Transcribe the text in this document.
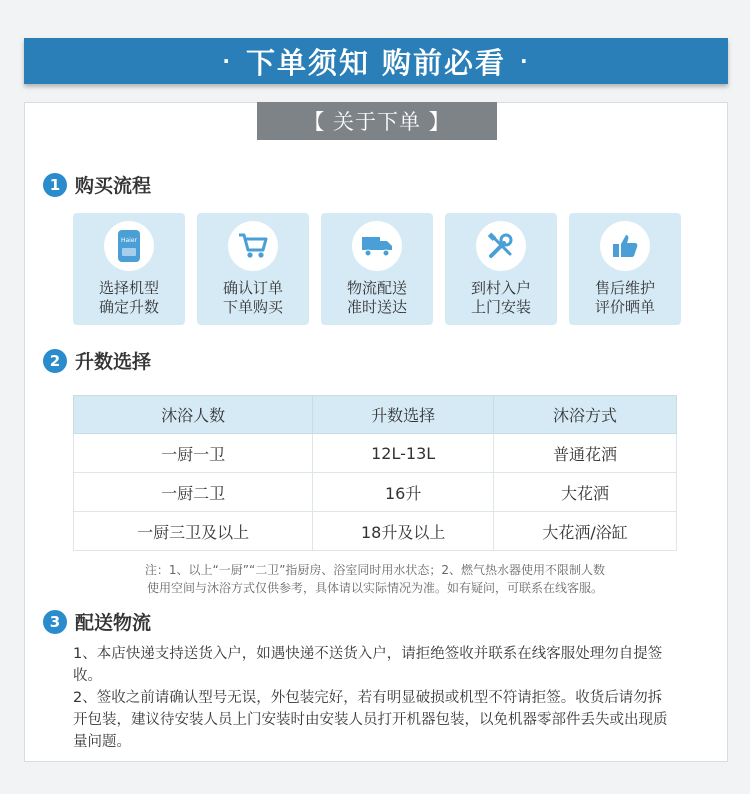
· 下单须知 购前必看 ·
【 关于下单 】
1 购买流程
Haier
选择机型
确定升数
确认订单
下单购买
物流配送
准时送达
到村入户
上门安装
售后维护
评价晒单
2 升数选择
沐浴人数	升数选择	沐浴方式
一厨一卫	12L-13L	普通花洒
一厨二卫	16升	大花洒
一厨三卫及以上	18升及以上	大花洒/浴缸
注：1、以上“一厨”“二卫”指厨房、浴室同时用水状态；2、燃气热水器使用不限制人数
使用空间与沐浴方式仅供参考，具体请以实际情况为准。如有疑问，可联系在线客服。
3 配送物流
1、本店快递支持送货入户，如遇快递不送货入户，请拒绝签收并联系在线客服处理勿自提签收。
2、签收之前请确认型号无误，外包装完好，若有明显破损或机型不符请拒签。收货后请勿拆开包装，建议待安装人员上门安装时由安装人员打开机器包装，以免机器零部件丢失或出现质量问题。
